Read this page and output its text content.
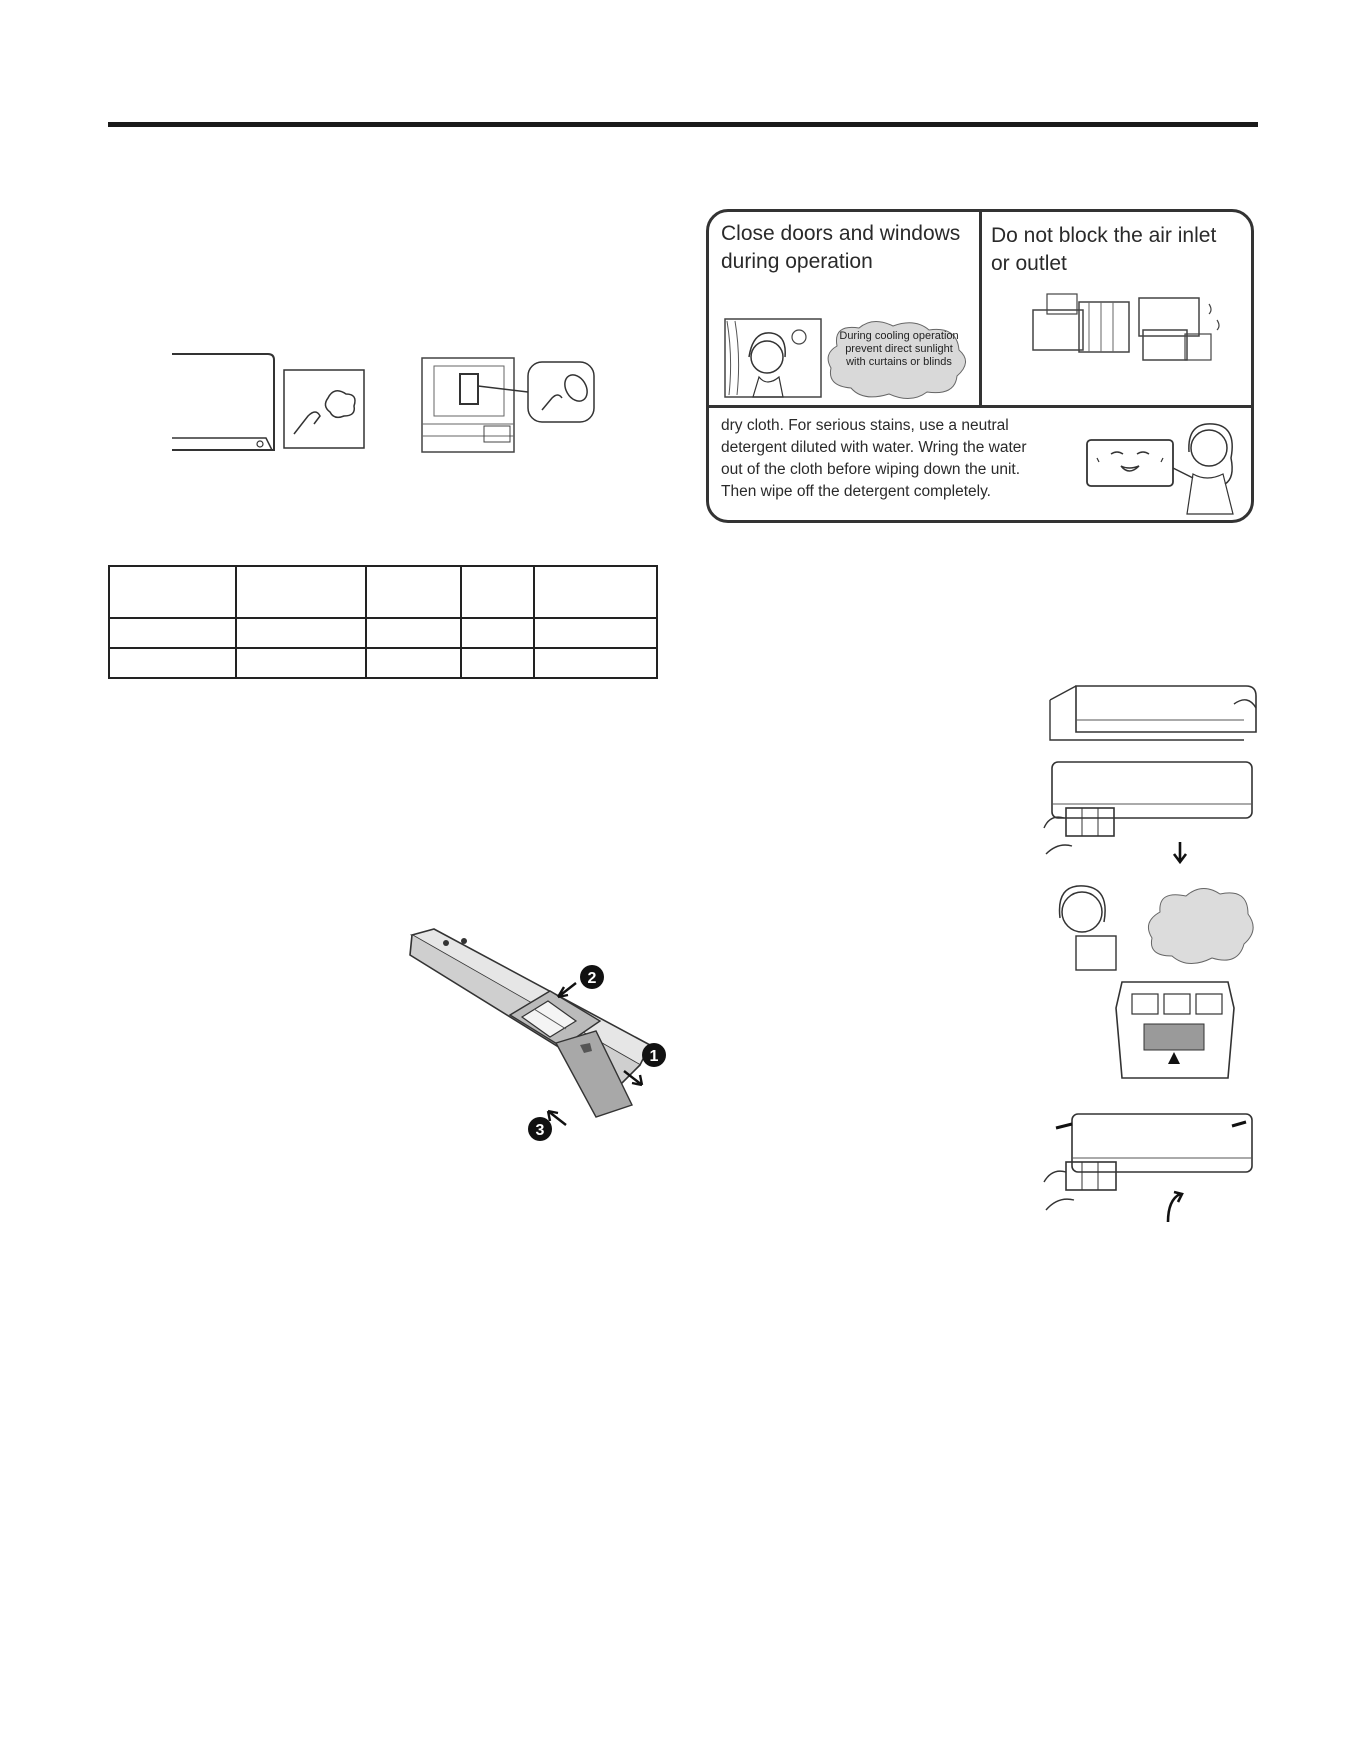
Close doors and windows
during operation
During cooling operation
prevent direct sunlight
with curtains or blinds
Do not block the air inlet
or outlet
dry cloth. For serious stains, use a neutral
detergent diluted with water. Wring the water
out of the cloth before wiping down the unit.
Then wipe off the detergent completely.

2
1
3
